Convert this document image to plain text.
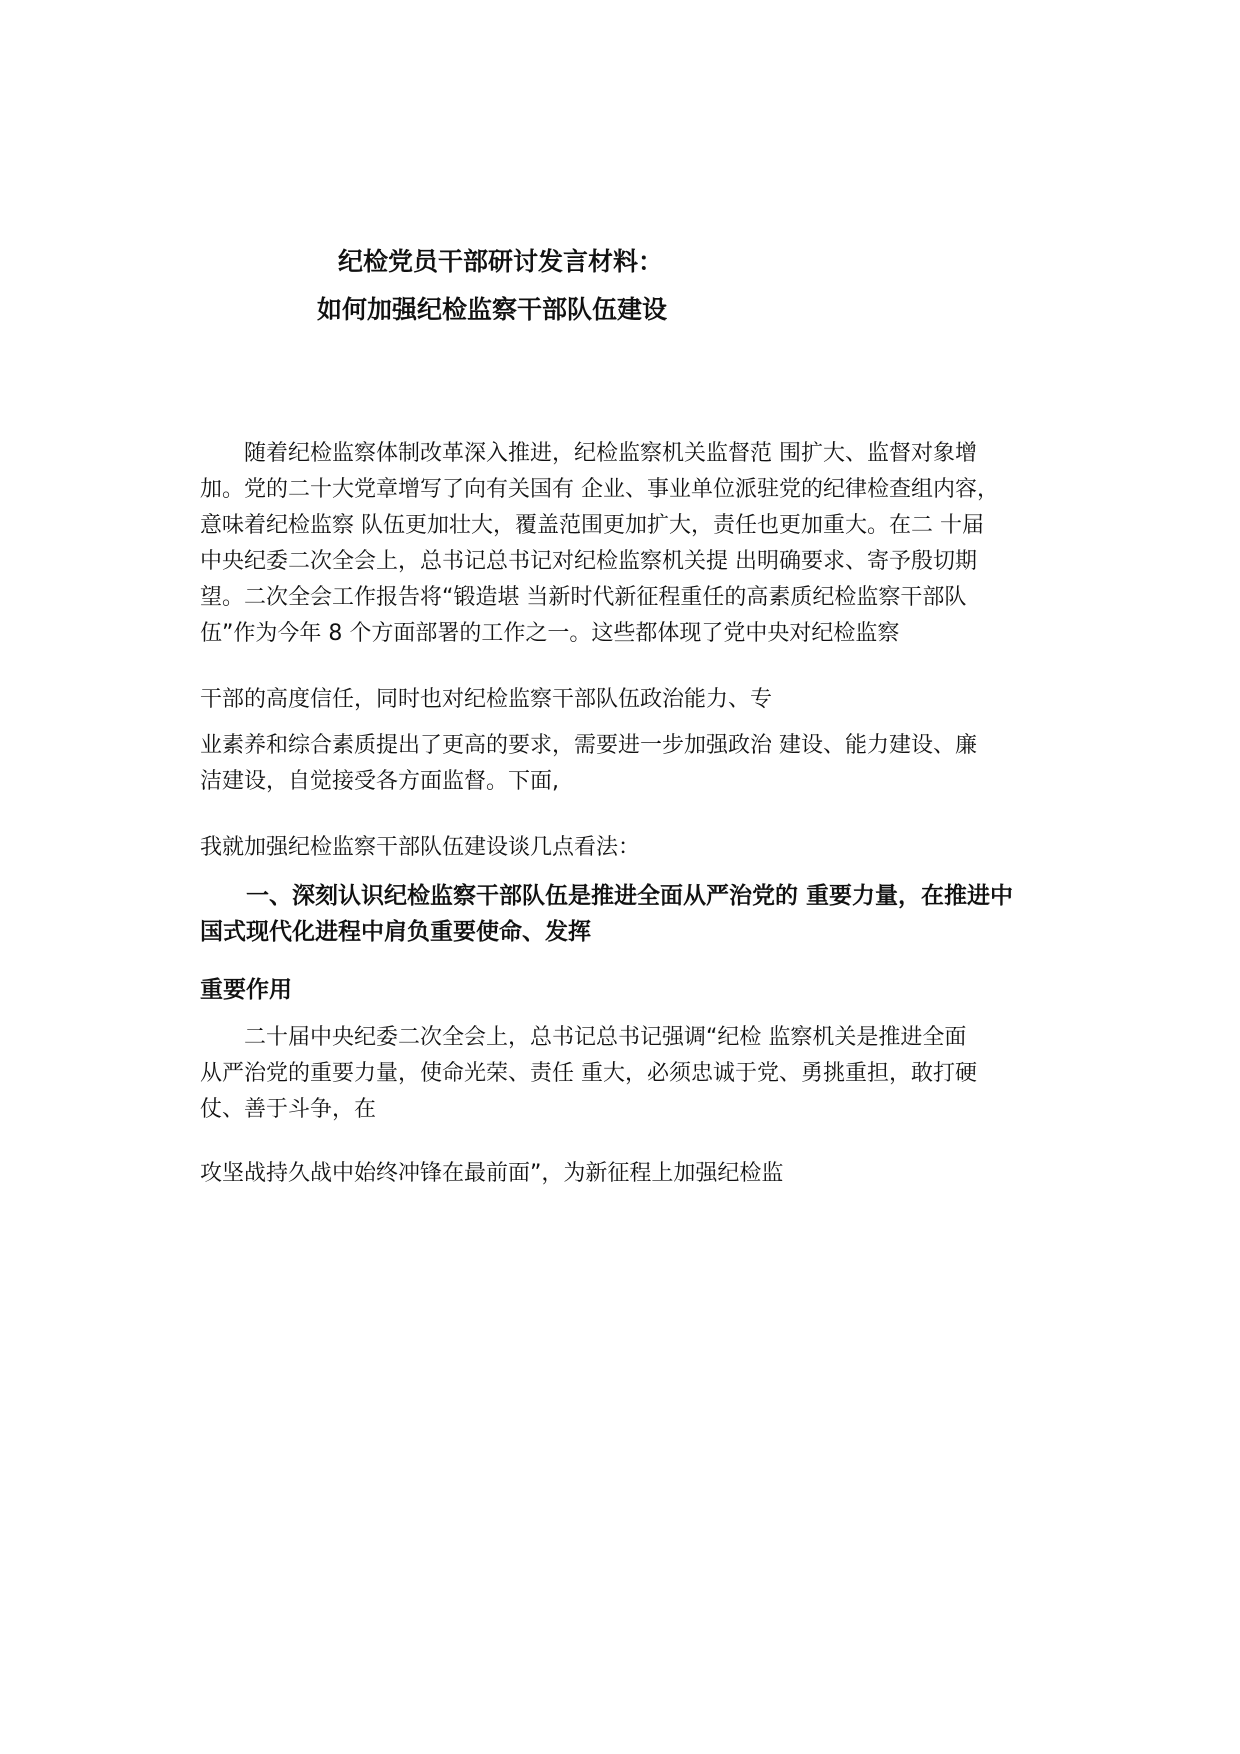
纪检党员干部研讨发言材料：
如何加强纪检监察干部队伍建设
　　随着纪检监察体制改革深入推进，纪检监察机关监督范 围扩大、监督对象增
加。党的二十大党章增写了向有关国有 企业、事业单位派驻党的纪律检查组内容，
意味着纪检监察 队伍更加壮大，覆盖范围更加扩大，责任也更加重大。在二 十届
中央纪委二次全会上，总书记总书记对纪检监察机关提 出明确要求、寄予殷切期
望。二次全会工作报告将“锻造堪 当新时代新征程重任的高素质纪检监察干部队
伍”作为今年 8 个方面部署的工作之一。这些都体现了党中央对纪检监察
干部的高度信任，同时也对纪检监察干部队伍政治能力、专
业素养和综合素质提出了更高的要求，需要进一步加强政治 建设、能力建设、廉
洁建设，自觉接受各方面监督。下面,
我就加强纪检监察干部队伍建设谈几点看法：
　　一、深刻认识纪检监察干部队伍是推进全面从严治党的 重要力量，在推进中
国式现代化进程中肩负重要使命、发挥
重要作用
　　二十届中央纪委二次全会上，总书记总书记强调“纪检 监察机关是推进全面
从严治党的重要力量，使命光荣、责任 重大，必须忠诚于党、勇挑重担，敢打硬
仗、善于斗争，在
攻坚战持久战中始终冲锋在最前面”，为新征程上加强纪检监
